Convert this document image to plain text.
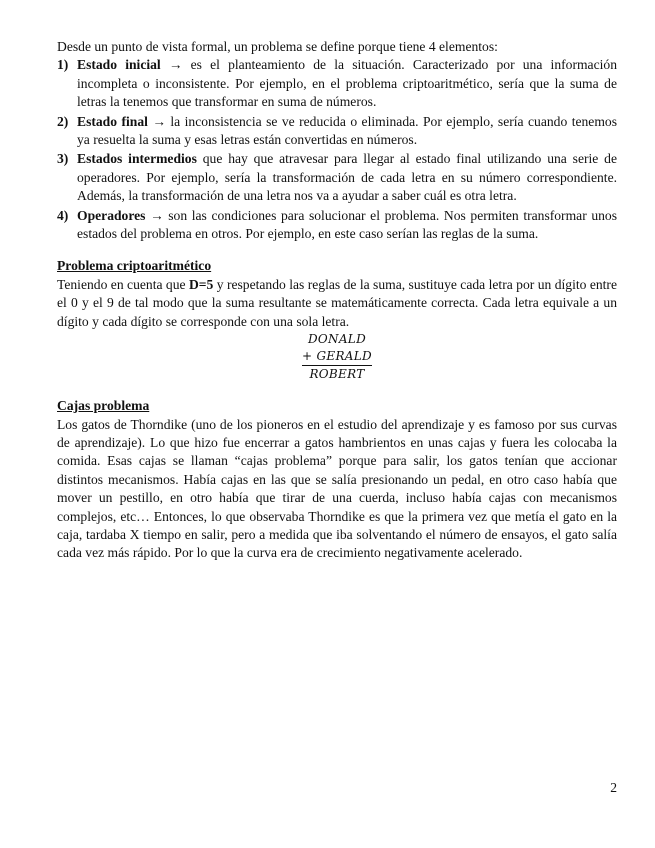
Desde un punto de vista formal, un problema se define porque tiene 4 elementos:

1) Estado inicial → es el planteamiento de la situación. Caracterizado por una información incompleta o inconsistente. Por ejemplo, en el problema criptoaritmético, sería que la suma de letras la tenemos que transformar en suma de números.
2) Estado final → la inconsistencia se ve reducida o eliminada. Por ejemplo, sería cuando tenemos ya resuelta la suma y esas letras están convertidas en números.
3) Estados intermedios que hay que atravesar para llegar al estado final utilizando una serie de operadores. Por ejemplo, sería la transformación de cada letra en su número correspondiente. Además, la transformación de una letra nos va a ayudar a saber cuál es otra letra.
4) Operadores → son las condiciones para solucionar el problema. Nos permiten transformar unos estados del problema en otros. Por ejemplo, en este caso serían las reglas de la suma.
Problema criptoaritmético

Teniendo en cuenta que D=5 y respetando las reglas de la suma, sustituye cada letra por un dígito entre el 0 y el 9 de tal modo que la suma resultante se matemáticamente correcta. Cada letra equivale a un dígito y cada dígito se corresponde con una sola letra.

DONALD
+ GERALD
ROBERT
Cajas problema

Los gatos de Thorndike (uno de los pioneros en el estudio del aprendizaje y es famoso por sus curvas de aprendizaje). Lo que hizo fue encerrar a gatos hambrientos en unas cajas y fuera les colocaba la comida. Esas cajas se llaman “cajas problema” porque para salir, los gatos tenían que accionar distintos mecanismos. Había cajas en las que se salía presionando un pedal, en otro caso había que mover un pestillo, en otro había que tirar de una cuerda, incluso había cajas con mecanismos complejos, etc… Entonces, lo que observaba Thorndike es que la primera vez que metía el gato en la caja, tardaba X tiempo en salir, pero a medida que iba solventando el número de ensayos, el gato salía cada vez más rápido. Por lo que la curva era de crecimiento negativamente acelerado.

2
